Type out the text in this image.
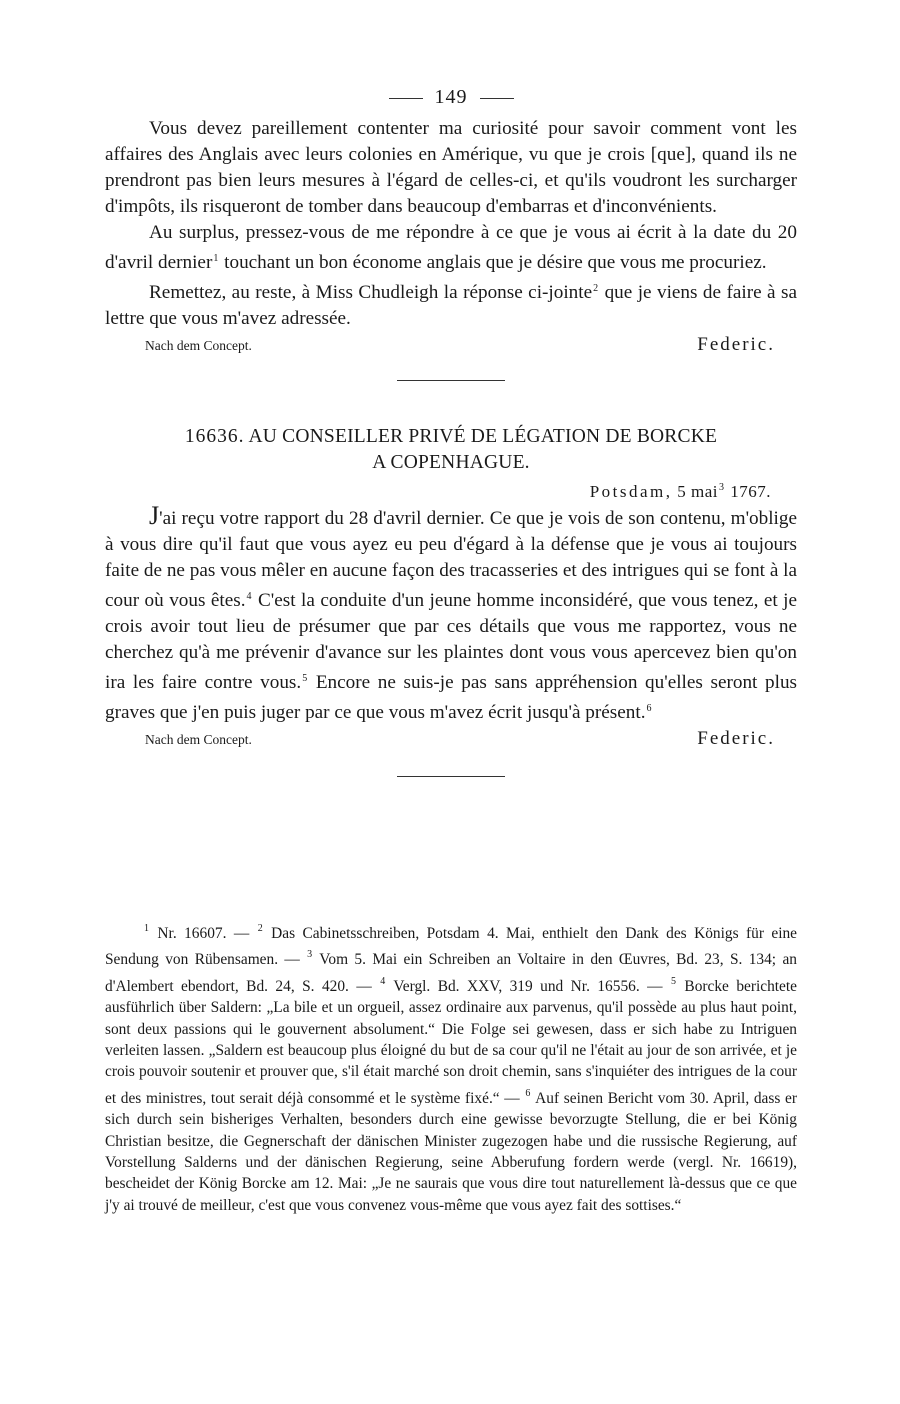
149

Vous devez pareillement contenter ma curiosité pour savoir comment vont les affaires des Anglais avec leurs colonies en Amérique, vu que je crois [que], quand ils ne prendront pas bien leurs mesures à l'égard de celles-ci, et qu'ils voudront les surcharger d'impôts, ils risqueront de tomber dans beaucoup d'embarras et d'inconvénients.

Au surplus, pressez-vous de me répondre à ce que je vous ai écrit à la date du 20 d'avril dernier$^1$ touchant un bon économe anglais que je désire que vous me procuriez.

Remettez, au reste, à Miss Chudleigh la réponse ci-jointe$^2$ que je viens de faire à sa lettre que vous m'avez adressée.

Nach dem Concept.	Federic.
16636. AU CONSEILLER PRIVÉ DE LÉGATION DE BORCKE
A COPENHAGUE.
Potsdam, 5 mai$^3$ 1767.

J'ai reçu votre rapport du 28 d'avril dernier. Ce que je vois de son contenu, m'oblige à vous dire qu'il faut que vous ayez eu peu d'égard à la défense que je vous ai toujours faite de ne pas vous mêler en aucune façon des tracasseries et des intrigues qui se font à la cour où vous êtes.$^4$ C'est la conduite d'un jeune homme inconsidéré, que vous tenez, et je crois avoir tout lieu de présumer que par ces détails que vous me rapportez, vous ne cherchez qu'à me prévenir d'avance sur les plaintes dont vous vous apercevez bien qu'on ira les faire contre vous.$^5$ Encore ne suis-je pas sans appréhension qu'elles seront plus graves que j'en puis juger par ce que vous m'avez écrit jusqu'à présent.$^6$

Nach dem Concept.	Federic.

$^1$ Nr. 16607. — $^2$ Das Cabinetsschreiben, Potsdam 4. Mai, enthielt den Dank des Königs für eine Sendung von Rübensamen. — $^3$ Vom 5. Mai ein Schreiben an Voltaire in den Œuvres, Bd. 23, S. 134; an d'Alembert ebendort, Bd. 24, S. 420. — $^4$ Vergl. Bd. XXV, 319 und Nr. 16556. — $^5$ Borcke berichtete ausführlich über Saldern: „La bile et un orgueil, assez ordinaire aux parvenus, qu'il possède au plus haut point, sont deux passions qui le gouvernent absolument.“ Die Folge sei gewesen, dass er sich habe zu Intriguen verleiten lassen. „Saldern est beaucoup plus éloigné du but de sa cour qu'il ne l'était au jour de son arrivée, et je crois pouvoir soutenir et prouver que, s'il était marché son droit chemin, sans s'inquiéter des intrigues de la cour et des ministres, tout serait déjà consommé et le système fixé.“ — $^6$ Auf seinen Bericht vom 30. April, dass er sich durch sein bisheriges Verhalten, besonders durch eine gewisse bevorzugte Stellung, die er bei König Christian besitze, die Gegnerschaft der dänischen Minister zugezogen habe und die russische Regierung, auf Vorstellung Salderns und der dänischen Regierung, seine Abberufung fordern werde (vergl. Nr. 16619), bescheidet der König Borcke am 12. Mai: „Je ne saurais que vous dire tout naturellement là-dessus que ce que j'y ai trouvé de meilleur, c'est que vous convenez vous-même que vous ayez fait des sottises.“
